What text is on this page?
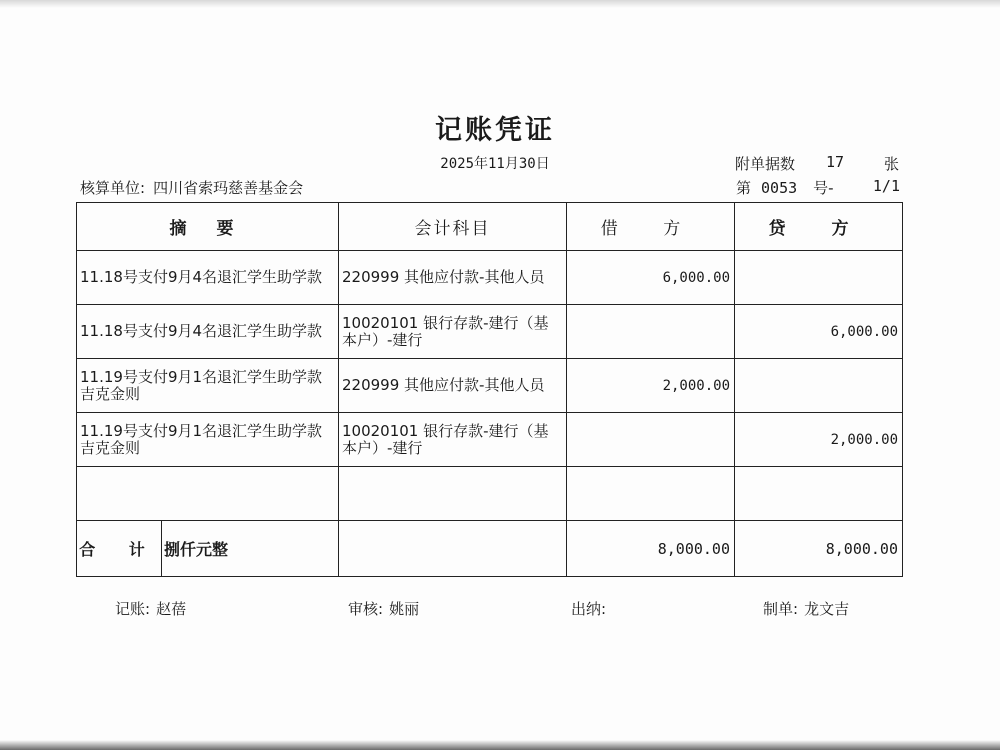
记账凭证
2025年11月30日	附单据数 17	张
核算单位: 四川省索玛慈善基金会	第 0053 号-	1/1
摘 要	会计科目	借 方	贷 方
11.18号支付9月4名退汇学生助学款	220999 其他应付款-其他人员	6,000.00	
11.18号支付9月4名退汇学生助学款	10020101 银行存款-建行（基本户）-建行		6,000.00
11.19号支付9月1名退汇学生助学款吉克金则	220999 其他应付款-其他人员	2,000.00	
11.19号支付9月1名退汇学生助学款吉克金则	10020101 银行存款-建行（基本户）-建行		2,000.00

合 计 捌仟元整		8,000.00	8,000.00
记账: 赵蓓	审核: 姚丽	出纳:	制单: 龙文吉
